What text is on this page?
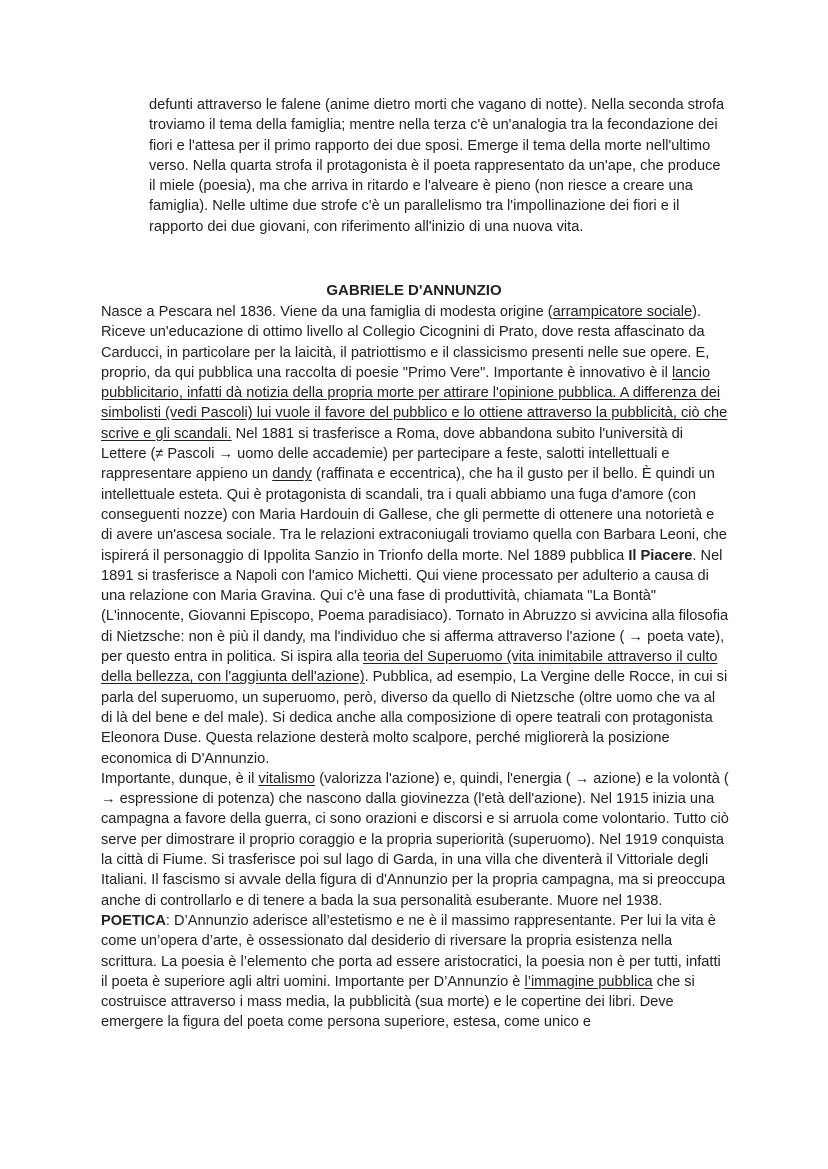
defunti attraverso le falene (anime dietro morti che vagano di notte). Nella seconda strofa troviamo il tema della famiglia; mentre nella terza c'è un'analogia tra la fecondazione dei fiori e l'attesa per il primo rapporto dei due sposi. Emerge il tema della morte nell'ultimo verso. Nella quarta strofa il protagonista è il poeta rappresentato da un'ape, che produce il miele (poesia), ma che arriva in ritardo e l'alveare è pieno (non riesce a creare una famiglia). Nelle ultime due strofe c'è un parallelismo tra l'impollinazione dei fiori e il rapporto dei due giovani, con riferimento all'inizio di una nuova vita.

GABRIELE D'ANNUNZIO

Nasce a Pescara nel 1836. Viene da una famiglia di modesta origine (arrampicatore sociale). Riceve un'educazione di ottimo livello al Collegio Cicognini di Prato, dove resta affascinato da Carducci, in particolare per la laicità, il patriottismo e il classicismo presenti nelle sue opere. E, proprio, da qui pubblica una raccolta di poesie "Primo Vere". Importante è innovativo è il lancio pubblicitario, infatti dà notizia della propria morte per attirare l'opinione pubblica. A differenza dei simbolisti (vedi Pascoli) lui vuole il favore del pubblico e lo ottiene attraverso la pubblicità, ciò che scrive e gli scandali. Nel 1881 si trasferisce a Roma, dove abbandona subito l'università di Lettere (≠ Pascoli → uomo delle accademie) per partecipare a feste, salotti intellettuali e rappresentare appieno un dandy (raffinata e eccentrica), che ha il gusto per il bello. È quindi un intellettuale esteta. Qui è protagonista di scandali, tra i quali abbiamo una fuga d'amore (con conseguenti nozze) con Maria Hardouin di Gallese, che gli permette di ottenere una notorietà e di avere un'ascesa sociale. Tra le relazioni extraconiugali troviamo quella con Barbara Leoni, che ispirerá il personaggio di Ippolita Sanzio in Trionfo della morte. Nel 1889 pubblica Il Piacere. Nel 1891 si trasferisce a Napoli con l'amico Michetti. Qui viene processato per adulterio a causa di una relazione con Maria Gravina. Qui c'è una fase di produttività, chiamata "La Bontà" (L'innocente, Giovanni Episcopo, Poema paradisiaco). Tornato in Abruzzo si avvicina alla filosofia di Nietzsche: non è più il dandy, ma l'individuo che si afferma attraverso l'azione ( → poeta vate), per questo entra in politica. Si ispira alla teoria del Superuomo (vita inimitabile attraverso il culto della bellezza, con l'aggiunta dell'azione). Pubblica, ad esempio, La Vergine delle Rocce, in cui si parla del superuomo, un superuomo, però, diverso da quello di Nietzsche (oltre uomo che va al di là del bene e del male). Si dedica anche alla composizione di opere teatrali con protagonista Eleonora Duse. Questa relazione desterà molto scalpore, perché migliorerà la posizione economica di D'Annunzio.

Importante, dunque, è il vitalismo (valorizza l'azione) e, quindi, l'energia ( → azione) e la volontà ( → espressione di potenza) che nascono dalla giovinezza (l'età dell'azione). Nel 1915 inizia una campagna a favore della guerra, ci sono orazioni e discorsi e si arruola come volontario. Tutto ciò serve per dimostrare il proprio coraggio e la propria superiorità (superuomo). Nel 1919 conquista la città di Fiume. Si trasferisce poi sul lago di Garda, in una villa che diventerà il Vittoriale degli Italiani. Il fascismo si avvale della figura di d'Annunzio per la propria campagna, ma si preoccupa anche di controllarlo e di tenere a bada la sua personalità esuberante. Muore nel 1938.

POETICA: D’Annunzio aderisce all’estetismo e ne è il massimo rappresentante. Per lui la vita è come un’opera d’arte, è ossessionato dal desiderio di riversare la propria esistenza nella scrittura. La poesia è l’elemento che porta ad essere aristocratici, la poesia non è per tutti, infatti il poeta è superiore agli altri uomini. Importante per D’Annunzio è l’immagine pubblica che si costruisce attraverso i mass media, la pubblicità (sua morte) e le copertine dei libri. Deve emergere la figura del poeta come persona superiore, estesa, come unico e
